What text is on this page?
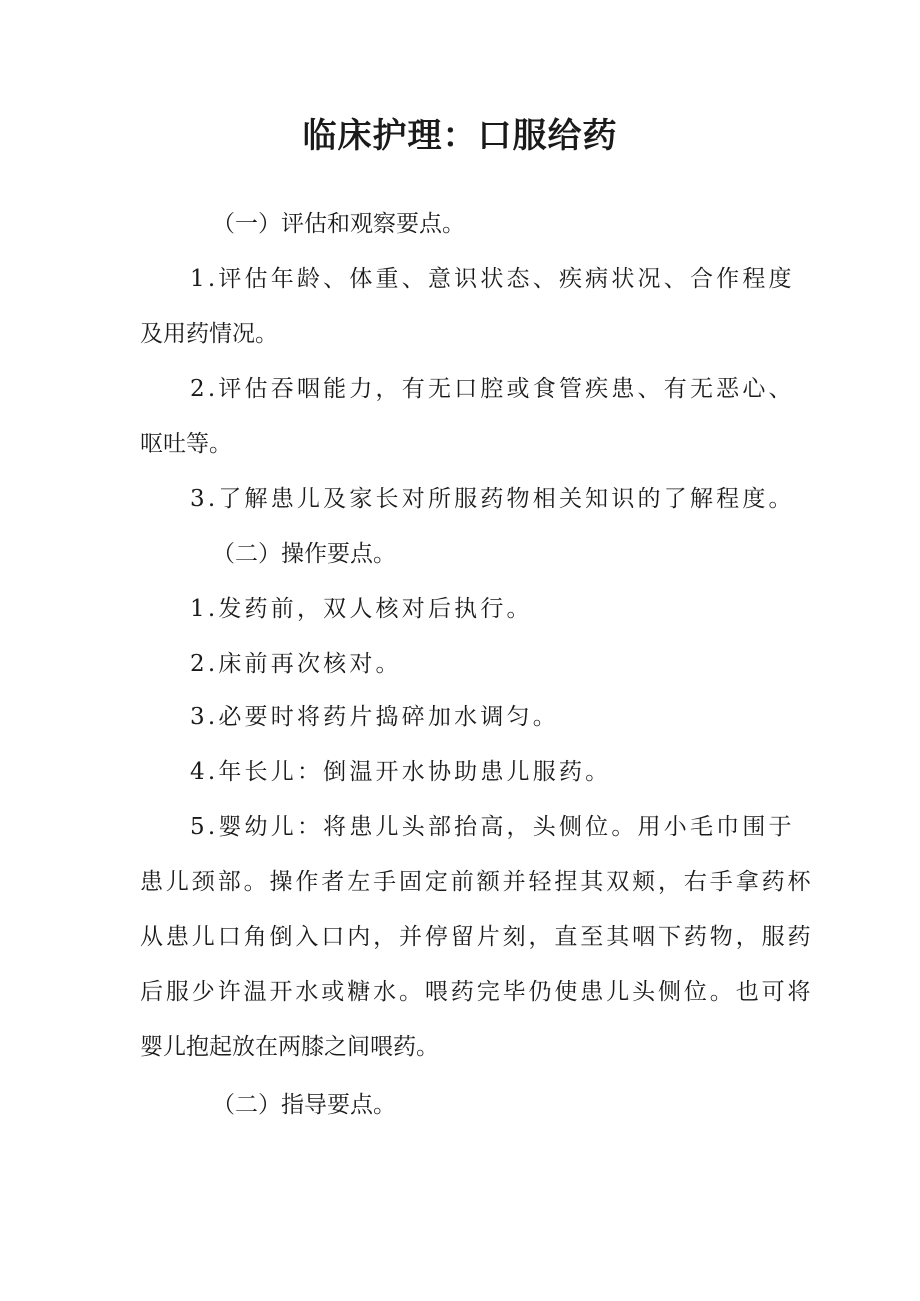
临床护理：口服给药

（一）评估和观察要点。

1.评估年龄、体重、意识状态、疾病状况、合作程度

及用药情况。

2.评估吞咽能力，有无口腔或食管疾患、有无恶心、

呕吐等。

3.了解患儿及家长对所服药物相关知识的了解程度。

（二）操作要点。

1.发药前，双人核对后执行。

2.床前再次核对。

3.必要时将药片捣碎加水调匀。

4.年长儿：倒温开水协助患儿服药。

5.婴幼儿：将患儿头部抬高，头侧位。用小毛巾围于

患儿颈部。操作者左手固定前额并轻捏其双颊，右手拿药杯

从患儿口角倒入口内，并停留片刻，直至其咽下药物，服药

后服少许温开水或糖水。喂药完毕仍使患儿头侧位。也可将

婴儿抱起放在两膝之间喂药。

（二）指导要点。
